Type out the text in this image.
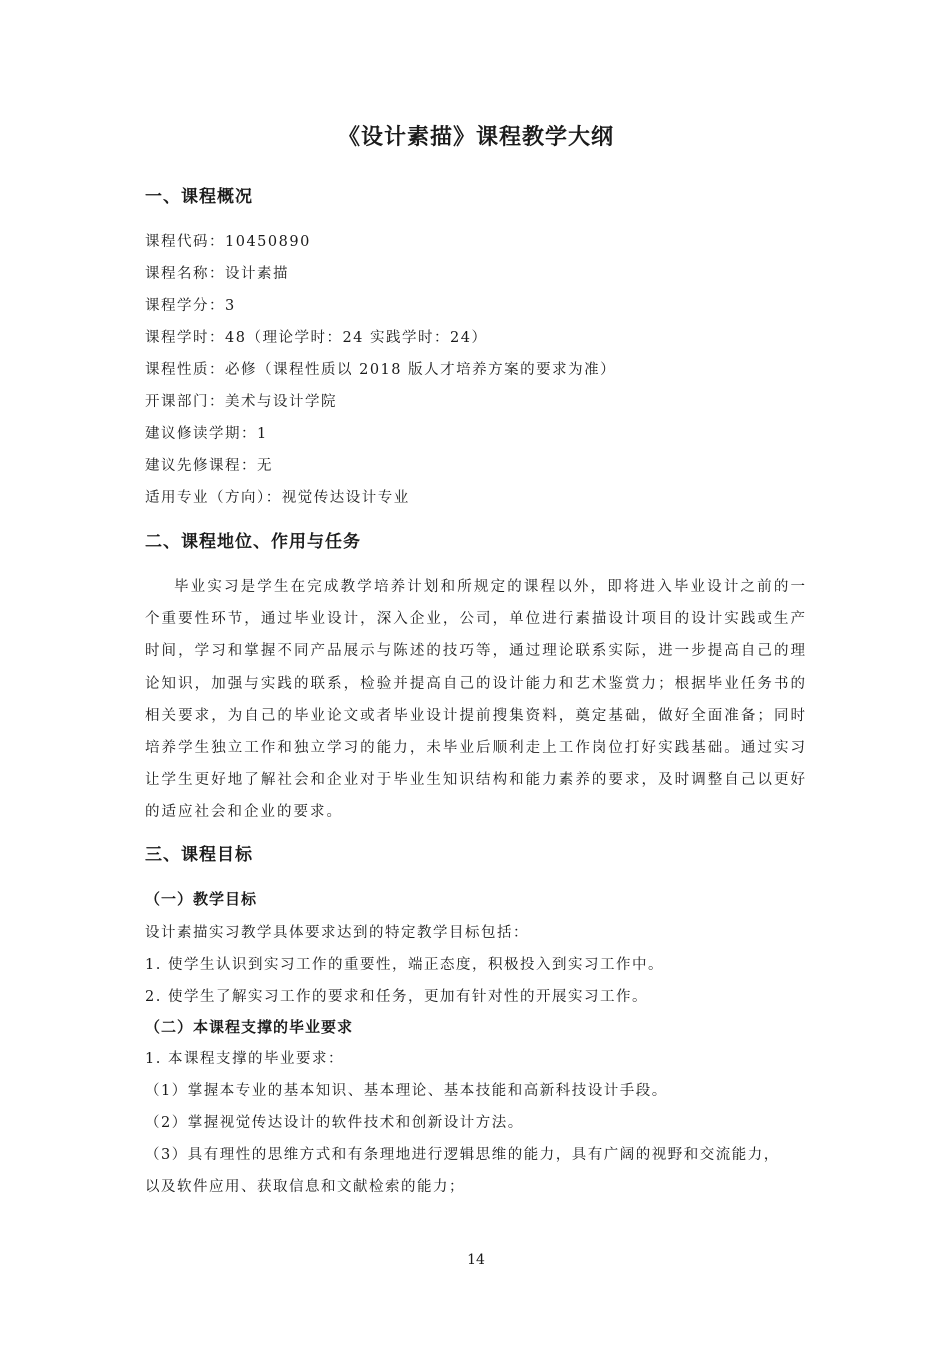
《设计素描》课程教学大纲
一、课程概况
课程代码：10450890
课程名称：设计素描
课程学分：3
课程学时：48（理论学时：24 实践学时：24）
课程性质：必修（课程性质以 2018 版人才培养方案的要求为准）
开课部门：美术与设计学院
建议修读学期：1
建议先修课程：无
适用专业（方向）：视觉传达设计专业
二、课程地位、作用与任务
毕业实习是学生在完成教学培养计划和所规定的课程以外，即将进入毕业设计之前的一个重要性环节，通过毕业设计，深入企业，公司，单位进行素描设计项目的设计实践或生产时间，学习和掌握不同产品展示与陈述的技巧等，通过理论联系实际，进一步提高自己的理论知识，加强与实践的联系，检验并提高自己的设计能力和艺术鉴赏力；根据毕业任务书的相关要求，为自己的毕业论文或者毕业设计提前搜集资料，奠定基础，做好全面准备；同时培养学生独立工作和独立学习的能力，未毕业后顺利走上工作岗位打好实践基础。通过实习让学生更好地了解社会和企业对于毕业生知识结构和能力素养的要求，及时调整自己以更好的适应社会和企业的要求。
三、课程目标
（一）教学目标
设计素描实习教学具体要求达到的特定教学目标包括：
1. 使学生认识到实习工作的重要性，端正态度，积极投入到实习工作中。
2. 使学生了解实习工作的要求和任务，更加有针对性的开展实习工作。
（二）本课程支撑的毕业要求
1. 本课程支撑的毕业要求：
（1）掌握本专业的基本知识、基本理论、基本技能和高新科技设计手段。
（2）掌握视觉传达设计的软件技术和创新设计方法。
（3）具有理性的思维方式和有条理地进行逻辑思维的能力，具有广阔的视野和交流能力，
以及软件应用、获取信息和文献检索的能力；
14
